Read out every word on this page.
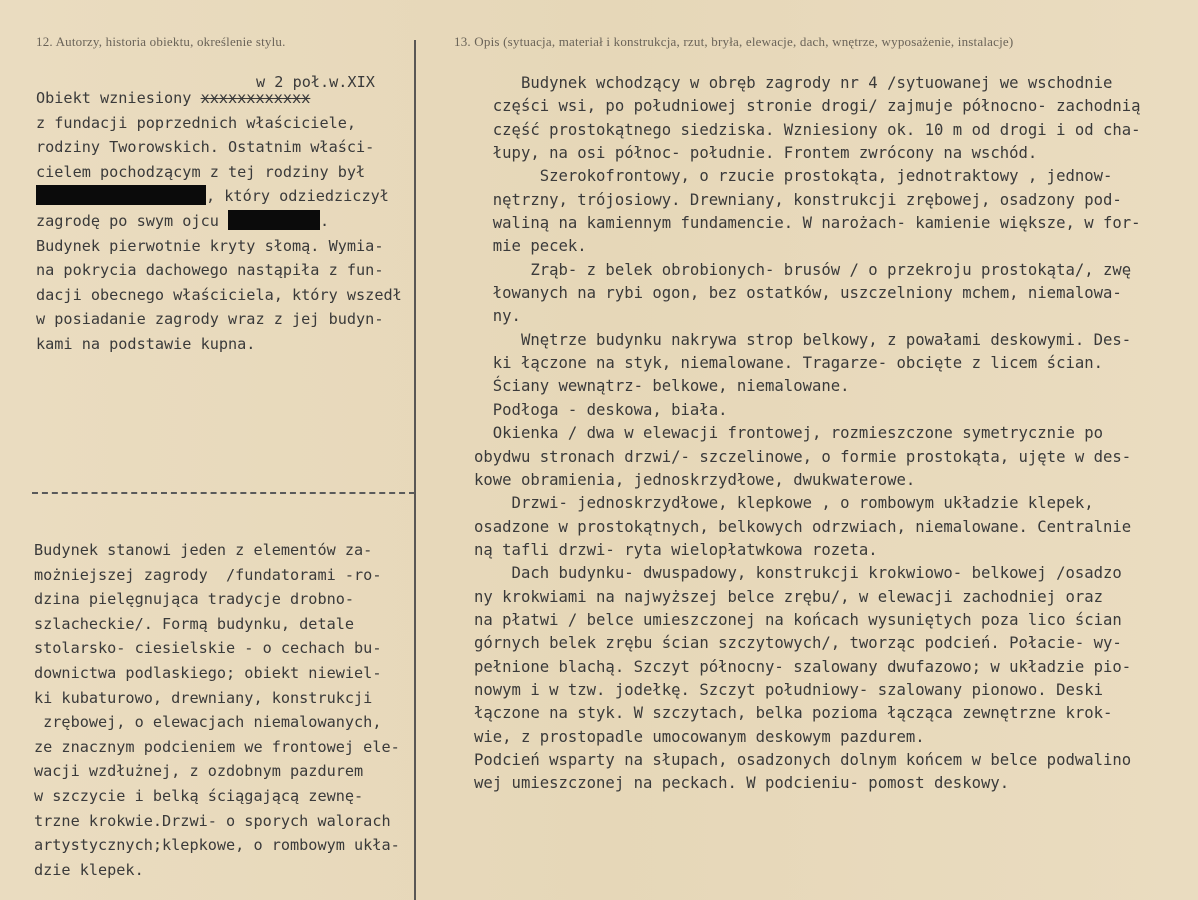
12. Autorzy, historia obiektu, określenie stylu.	13. Opis (sytuacja, materiał i konstrukcja, rzut, bryła, elewacje, dach, wnętrze, wyposażenie, instalacje)
w 2 poł.w.XIX
Obiekt wzniesiony xxxxxxxxxxxx
z fundacji poprzednich właściciele,
rodziny Tworowskich. Ostatnim właści-
cielem pochodzącym z tej rodziny był
, który odziedziczył
zagrodę po swym ojcu	.
Budynek pierwotnie kryty słomą. Wymia-
na pokrycia dachowego nastąpiła z fun-
dacji obecnego właściciela, który wszedł
w posiadanie zagrody wraz z jej budyn-
kami na podstawie kupna.
Budynek stanowi jeden z elementów za-
możniejszej zagrody  /fundatorami -ro-
dzina pielęgnująca tradycje drobno-
szlacheckie/. Formą budynku, detale
stolarsko- ciesielskie - o cechach bu-
downictwa podlaskiego; obiekt niewiel-
ki kubaturowo, drewniany, konstrukcji
zrębowej, o elewacjach niemalowanych,
ze znacznym podcieniem we frontowej ele-
wacji wzdłużnej, z ozdobnym pazdurem
w szczycie i belką ściągającą zewnę-
trzne krokwie.Drzwi- o sporych walorach
artystycznych;klepkowe, o rombowym ukła-
dzie klepek.
Budynek wchodzący w obręb zagrody nr 4 /sytuowanej we wschodnie
części wsi, po południowej stronie drogi/ zajmuje północno- zachodnią
część prostokątnego siedziska. Wzniesiony ok. 10 m od drogi i od cha-
łupy, na osi północ- południe. Frontem zwrócony na wschód.
Szerokofrontowy, o rzucie prostokąta, jednotraktowy , jednow-
nętrzny, trójosiowy. Drewniany, konstrukcji zrębowej, osadzony pod-
waliną na kamiennym fundamencie. W narożach- kamienie większe, w for-
mie pecek.
Zrąb- z belek obrobionych- brusów / o przekroju prostokąta/, zwę
łowanych na rybi ogon, bez ostatków, uszczelniony mchem, niemalowa-
ny.
Wnętrze budynku nakrywa strop belkowy, z powałami deskowymi. Des-
ki łączone na styk, niemalowane. Tragarze- obcięte z licem ścian.
Ściany wewnątrz- belkowe, niemalowane.
Podłoga - deskowa, biała.
Okienka / dwa w elewacji frontowej, rozmieszczone symetrycznie po
obydwu stronach drzwi/- szczelinowe, o formie prostokąta, ujęte w des-
kowe obramienia, jednoskrzydłowe, dwukwaterowe.
Drzwi- jednoskrzydłowe, klepkowe , o rombowym układzie klepek,
osadzone w prostokątnych, belkowych odrzwiach, niemalowane. Centralnie
ną tafli drzwi- ryta wielopłatwkowa rozeta.
Dach budynku- dwuspadowy, konstrukcji krokwiowo- belkowej /osadzo
ny krokwiami na najwyższej belce zrębu/, w elewacji zachodniej oraz
na płatwi / belce umieszczonej na końcach wysuniętych poza lico ścian
górnych belek zrębu ścian szczytowych/, tworząc podcień. Połacie- wy-
pełnione blachą. Szczyt północny- szalowany dwufazowo; w układzie pio-
nowym i w tzw. jodełkę. Szczyt południowy- szalowany pionowo. Deski
łączone na styk. W szczytach, belka pozioma łącząca zewnętrzne krok-
wie, z prostopadle umocowanym deskowym pazdurem.
Podcień wsparty na słupach, osadzonych dolnym końcem w belce podwalino
wej umieszczonej na peckach. W podcieniu- pomost deskowy.
